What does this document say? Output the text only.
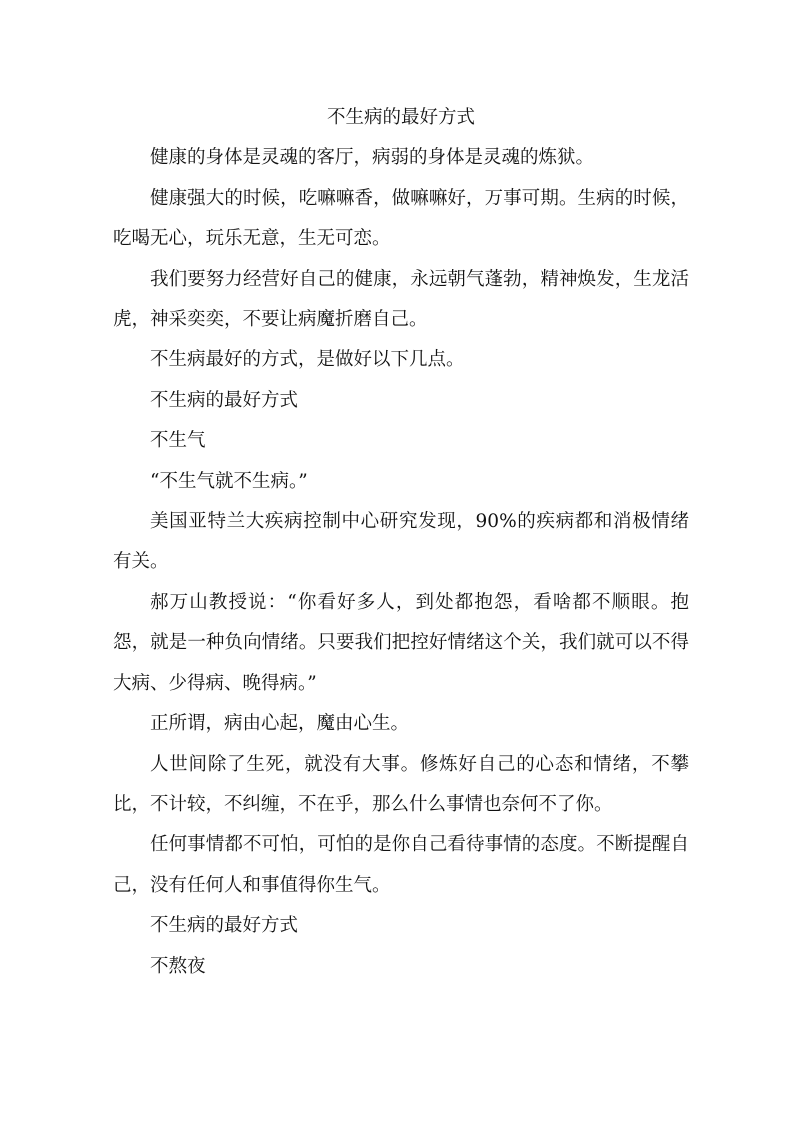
不生病的最好方式

健康的身体是灵魂的客厅，病弱的身体是灵魂的炼狱。

健康强大的时候，吃嘛嘛香，做嘛嘛好，万事可期。生病的时候，吃喝无心，玩乐无意，生无可恋。

我们要努力经营好自己的健康，永远朝气蓬勃，精神焕发，生龙活虎，神采奕奕，不要让病魔折磨自己。

不生病最好的方式，是做好以下几点。

不生病的最好方式

不生气

“不生气就不生病。”

美国亚特兰大疾病控制中心研究发现，90%的疾病都和消极情绪有关。

郝万山教授说：“你看好多人，到处都抱怨，看啥都不顺眼。抱怨，就是一种负向情绪。只要我们把控好情绪这个关，我们就可以不得大病、少得病、晚得病。”

正所谓，病由心起，魔由心生。

人世间除了生死，就没有大事。修炼好自己的心态和情绪，不攀比，不计较，不纠缠，不在乎，那么什么事情也奈何不了你。

任何事情都不可怕，可怕的是你自己看待事情的态度。不断提醒自己，没有任何人和事值得你生气。

不生病的最好方式

不熬夜
